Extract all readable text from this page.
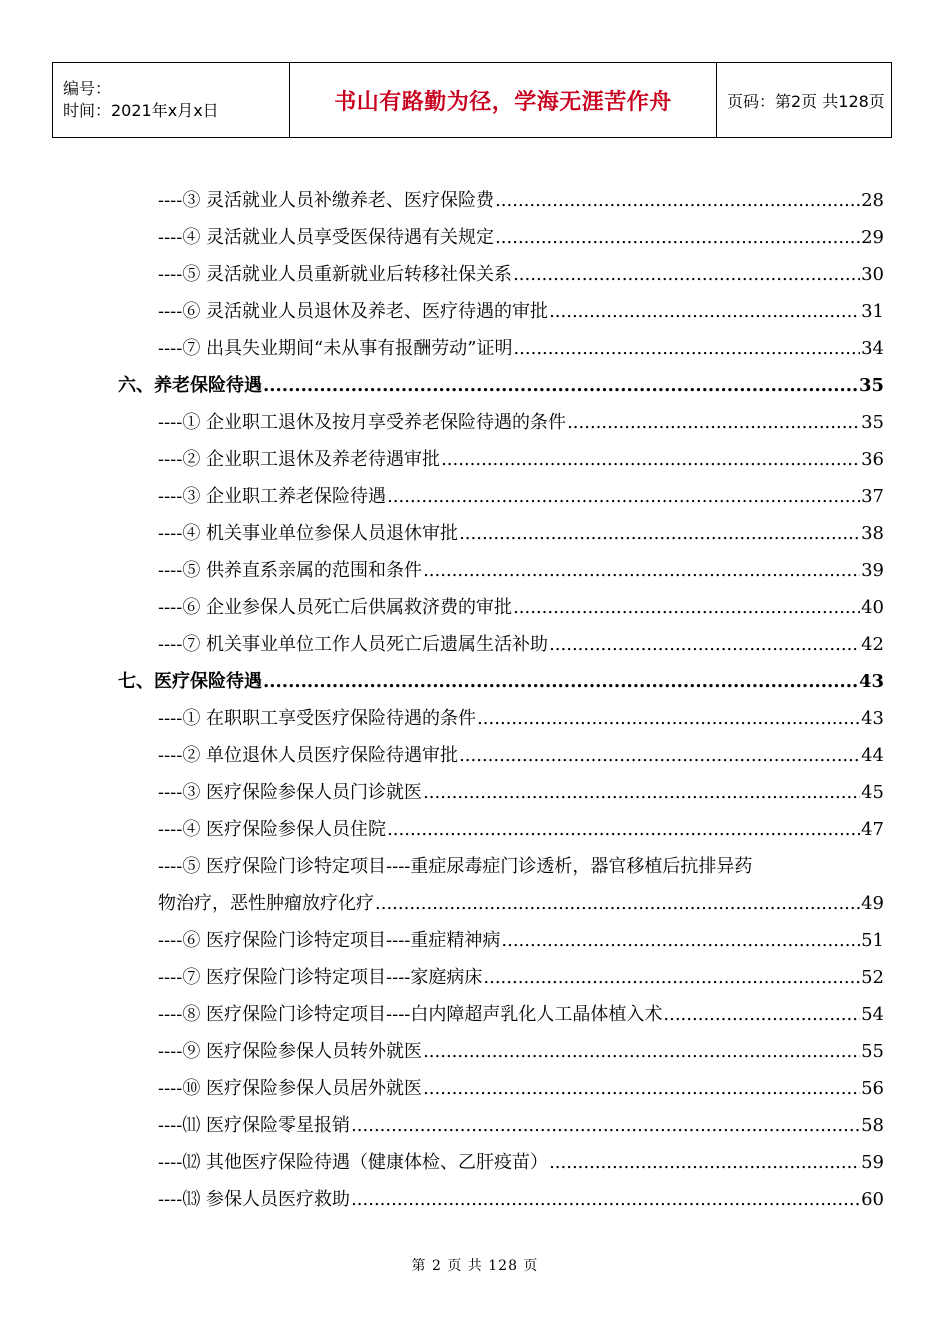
编号：
时间：2021年x月x日	书山有路勤为径，学海无涯苦作舟	页码：第2页 共128页
----③ 灵活就业人员补缴养老、医疗保险费 .....	28
----④ 灵活就业人员享受医保待遇有关规定 .....	29
----⑤ 灵活就业人员重新就业后转移社保关系 .....	30
----⑥ 灵活就业人员退休及养老、医疗待遇的审批 .....	31
----⑦ 出具失业期间“未从事有报酬劳动”证明 .....	34
六、养老保险待遇 .....	35
----① 企业职工退休及按月享受养老保险待遇的条件 .....	35
----② 企业职工退休及养老待遇审批 .....	36
----③ 企业职工养老保险待遇 .....	37
----④ 机关事业单位参保人员退休审批 .....	38
----⑤ 供养直系亲属的范围和条件 .....	39
----⑥ 企业参保人员死亡后供属救济费的审批 .....	40
----⑦ 机关事业单位工作人员死亡后遗属生活补助 .....	42
七、医疗保险待遇 .....	43
----① 在职职工享受医疗保险待遇的条件 .....	43
----② 单位退休人员医疗保险待遇审批 .....	44
----③ 医疗保险参保人员门诊就医 .....	45
----④ 医疗保险参保人员住院 .....	47
----⑤ 医疗保险门诊特定项目----重症尿毒症门诊透析，器官移植后抗排异药
物治疗，恶性肿瘤放疗化疗 .....	49
----⑥ 医疗保险门诊特定项目----重症精神病 .....	51
----⑦ 医疗保险门诊特定项目----家庭病床 .....	52
----⑧ 医疗保险门诊特定项目----白内障超声乳化人工晶体植入术 .....	54
----⑨ 医疗保险参保人员转外就医 .....	55
----⑩ 医疗保险参保人员居外就医 .....	56
----⑾ 医疗保险零星报销 .....	58
----⑿ 其他医疗保险待遇（健康体检、乙肝疫苗） .....	59
----⒀ 参保人员医疗救助 .....	60
第 2 页 共 128 页
